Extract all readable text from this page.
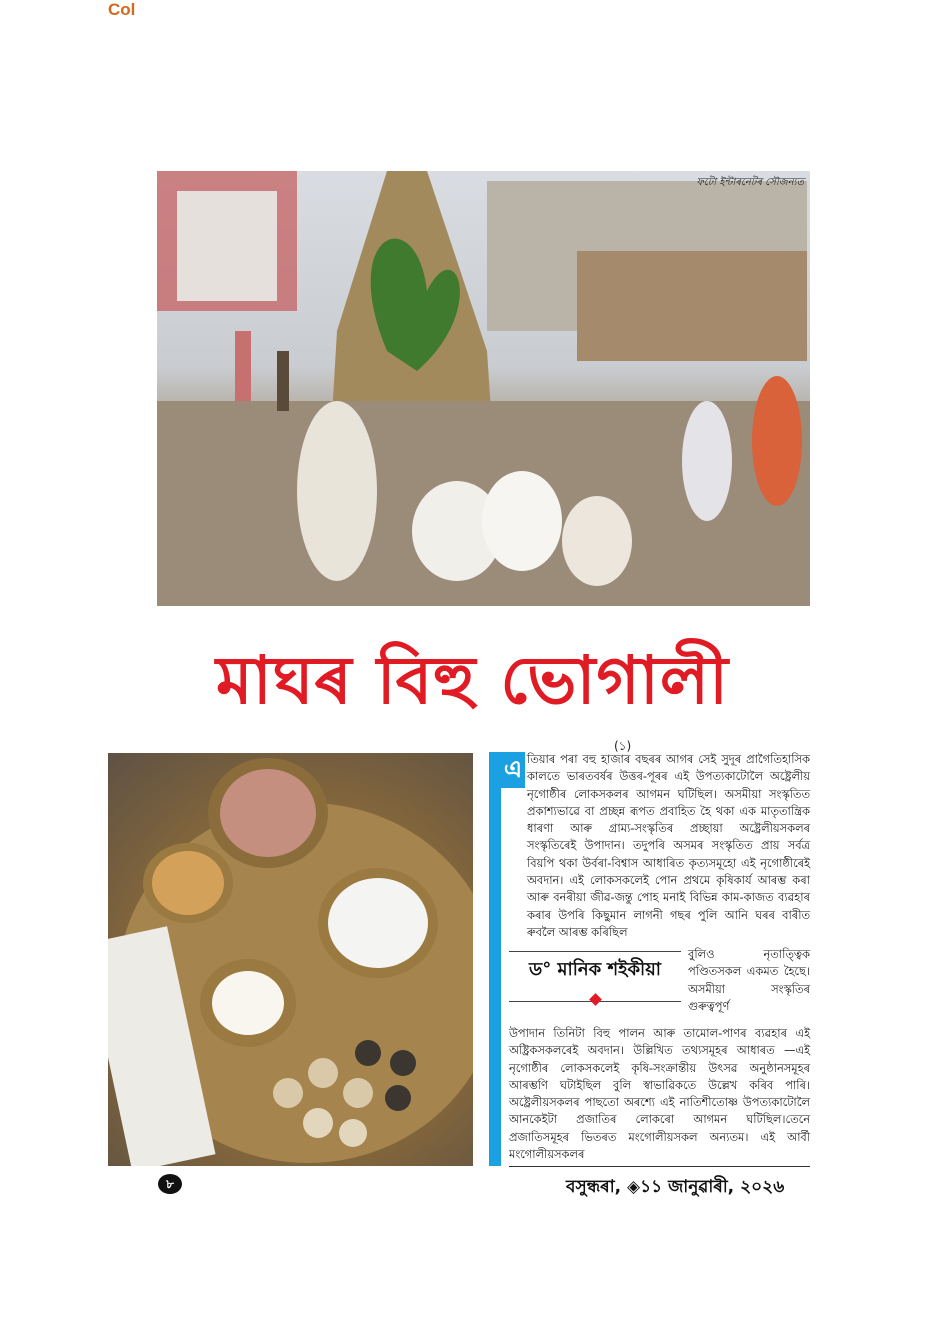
Col
ফটো ইন্টাৰনেটৰ সৌজন্যত
মাঘৰ বিহু ভোগালী
(১)
এ তিয়াৰ পৰা বহু হাজাৰ বছৰৰ আগৰ সেই সুদূৰ প্ৰাগৈতিহাসিক কালতে ভাৰতবৰ্ষৰ উত্তৰ-পূৰৰ এই উপত্যকাটোলৈ অষ্ট্ৰেলীয় নৃগোষ্ঠীৰ লোকসকলৰ আগমন ঘটিছিল। অসমীয়া সংস্কৃতিত প্ৰকাশ্যভাৱে বা প্ৰচ্ছন্ন ৰূপত প্ৰবাহিত হৈ থকা এক মাতৃতান্ত্ৰিক ধাৰণা আৰু গ্ৰাম্য-সংস্কৃতিৰ প্ৰচ্ছায়া অষ্ট্ৰেলীয়সকলৰ সংস্কৃতিৰেই উপাদান। তদুপৰি অসমৰ সংস্কৃতিত প্ৰায় সৰ্বত্ৰ বিয়পি থকা উৰ্বৰা-বিশ্বাস আধাৰিত কৃত্যসমূহো এই নৃগোষ্ঠীৰেই অবদান। এই লোকসকলেই পোন প্ৰথমে কৃষিকাৰ্য আৰম্ভ কৰা আৰু বনৰীয়া জীৱ-জন্তু পোহ মনাই বিভিন্ন কাম-কাজত ব্যৱহাৰ কৰাৰ উপৰি কিছুমান লাগনী গছৰ পুলি আনি ঘৰৰ বাৰীত ৰুবলৈ আৰম্ভ কৰিছিল
ড° মানিক শইকীয়া
বুলিও নৃতাত্ত্বিক পণ্ডিতসকল একমত হৈছে। অসমীয়া সংস্কৃতিৰ গুৰুত্বপূৰ্ণ
উপাদান তিনিটা বিহু পালন আৰু তামোল-পাণৰ ব্যৱহাৰ এই অষ্ট্ৰিকসকলৰেই অবদান। উল্লিখিত তথ্যসমূহৰ আধাৰত —এই নৃগোষ্ঠীৰ লোকসকলেই কৃষি-সংক্ৰান্তীয় উৎসৱ অনুষ্ঠানসমূহৰ আৰম্ভণি ঘটাইছিল বুলি স্বাভাৱিকতে উল্লেখ কৰিব পাৰি। অষ্ট্ৰেলীয়সকলৰ পাছতো অৰশ্যে এই নাতিশীতোষ্ণ উপত্যকাটোলৈ আনকেইটা প্ৰজাতিৰ লোকৰো আগমন ঘটিছিল।তেনে প্ৰজাতিসমূহৰ ভিতৰত মংগোলীয়সকল অন্যতম। এই আৰ্বী মংগোলীয়সকলৰ
৮	বসুন্ধৰা, ◈১১ জানুৱাৰী, ২০২৬
